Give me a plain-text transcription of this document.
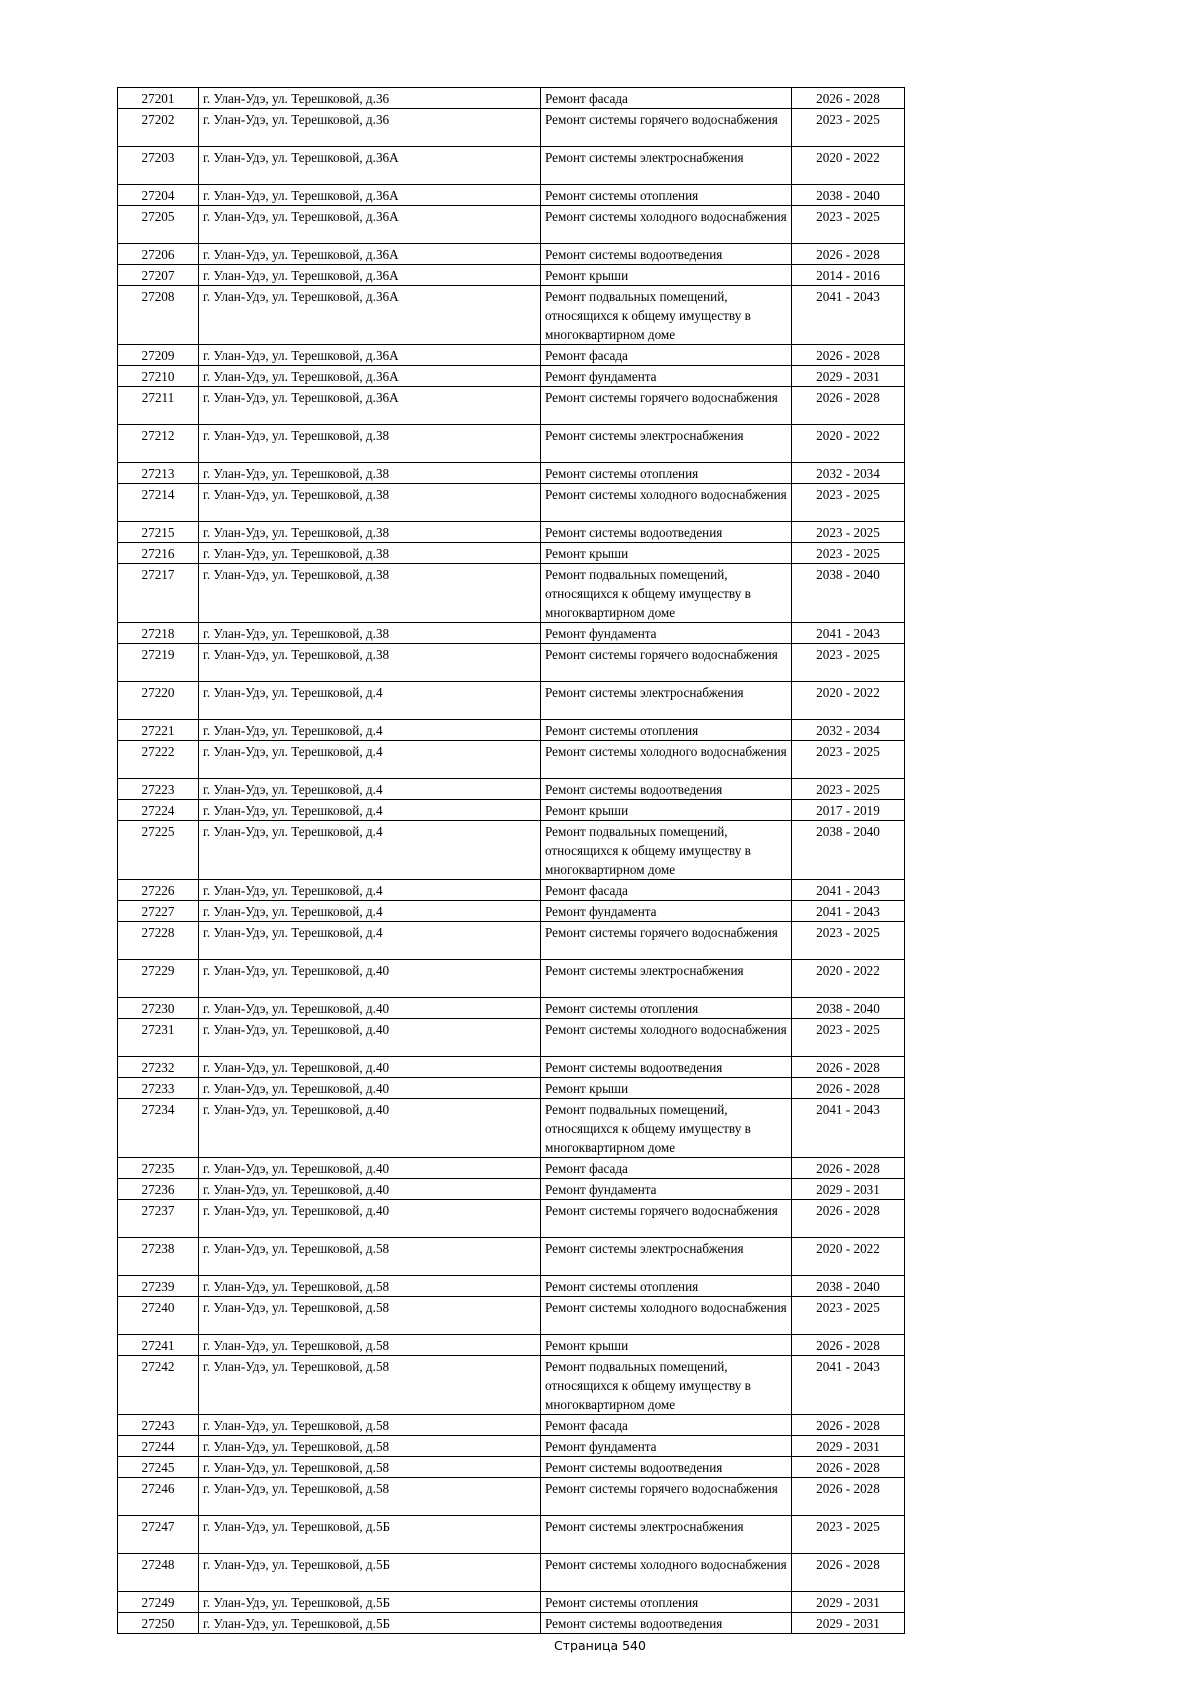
27201	г. Улан-Удэ, ул. Терешковой, д.36	Ремонт фасада	2026 - 2028
27202	г. Улан-Удэ, ул. Терешковой, д.36	Ремонт системы горячего водоснабжения	2023 - 2025
27203	г. Улан-Удэ, ул. Терешковой, д.36А	Ремонт системы электроснабжения	2020 - 2022
27204	г. Улан-Удэ, ул. Терешковой, д.36А	Ремонт системы отопления	2038 - 2040
27205	г. Улан-Удэ, ул. Терешковой, д.36А	Ремонт системы холодного водоснабжения	2023 - 2025
27206	г. Улан-Удэ, ул. Терешковой, д.36А	Ремонт системы водоотведения	2026 - 2028
27207	г. Улан-Удэ, ул. Терешковой, д.36А	Ремонт крыши	2014 - 2016
27208	г. Улан-Удэ, ул. Терешковой, д.36А	Ремонт подвальных помещений, относящихся к общему имуществу в многоквартирном доме	2041 - 2043
27209	г. Улан-Удэ, ул. Терешковой, д.36А	Ремонт фасада	2026 - 2028
27210	г. Улан-Удэ, ул. Терешковой, д.36А	Ремонт фундамента	2029 - 2031
27211	г. Улан-Удэ, ул. Терешковой, д.36А	Ремонт системы горячего водоснабжения	2026 - 2028
27212	г. Улан-Удэ, ул. Терешковой, д.38	Ремонт системы электроснабжения	2020 - 2022
27213	г. Улан-Удэ, ул. Терешковой, д.38	Ремонт системы отопления	2032 - 2034
27214	г. Улан-Удэ, ул. Терешковой, д.38	Ремонт системы холодного водоснабжения	2023 - 2025
27215	г. Улан-Удэ, ул. Терешковой, д.38	Ремонт системы водоотведения	2023 - 2025
27216	г. Улан-Удэ, ул. Терешковой, д.38	Ремонт крыши	2023 - 2025
27217	г. Улан-Удэ, ул. Терешковой, д.38	Ремонт подвальных помещений, относящихся к общему имуществу в многоквартирном доме	2038 - 2040
27218	г. Улан-Удэ, ул. Терешковой, д.38	Ремонт фундамента	2041 - 2043
27219	г. Улан-Удэ, ул. Терешковой, д.38	Ремонт системы горячего водоснабжения	2023 - 2025
27220	г. Улан-Удэ, ул. Терешковой, д.4	Ремонт системы электроснабжения	2020 - 2022
27221	г. Улан-Удэ, ул. Терешковой, д.4	Ремонт системы отопления	2032 - 2034
27222	г. Улан-Удэ, ул. Терешковой, д.4	Ремонт системы холодного водоснабжения	2023 - 2025
27223	г. Улан-Удэ, ул. Терешковой, д.4	Ремонт системы водоотведения	2023 - 2025
27224	г. Улан-Удэ, ул. Терешковой, д.4	Ремонт крыши	2017 - 2019
27225	г. Улан-Удэ, ул. Терешковой, д.4	Ремонт подвальных помещений, относящихся к общему имуществу в многоквартирном доме	2038 - 2040
27226	г. Улан-Удэ, ул. Терешковой, д.4	Ремонт фасада	2041 - 2043
27227	г. Улан-Удэ, ул. Терешковой, д.4	Ремонт фундамента	2041 - 2043
27228	г. Улан-Удэ, ул. Терешковой, д.4	Ремонт системы горячего водоснабжения	2023 - 2025
27229	г. Улан-Удэ, ул. Терешковой, д.40	Ремонт системы электроснабжения	2020 - 2022
27230	г. Улан-Удэ, ул. Терешковой, д.40	Ремонт системы отопления	2038 - 2040
27231	г. Улан-Удэ, ул. Терешковой, д.40	Ремонт системы холодного водоснабжения	2023 - 2025
27232	г. Улан-Удэ, ул. Терешковой, д.40	Ремонт системы водоотведения	2026 - 2028
27233	г. Улан-Удэ, ул. Терешковой, д.40	Ремонт крыши	2026 - 2028
27234	г. Улан-Удэ, ул. Терешковой, д.40	Ремонт подвальных помещений, относящихся к общему имуществу в многоквартирном доме	2041 - 2043
27235	г. Улан-Удэ, ул. Терешковой, д.40	Ремонт фасада	2026 - 2028
27236	г. Улан-Удэ, ул. Терешковой, д.40	Ремонт фундамента	2029 - 2031
27237	г. Улан-Удэ, ул. Терешковой, д.40	Ремонт системы горячего водоснабжения	2026 - 2028
27238	г. Улан-Удэ, ул. Терешковой, д.58	Ремонт системы электроснабжения	2020 - 2022
27239	г. Улан-Удэ, ул. Терешковой, д.58	Ремонт системы отопления	2038 - 2040
27240	г. Улан-Удэ, ул. Терешковой, д.58	Ремонт системы холодного водоснабжения	2023 - 2025
27241	г. Улан-Удэ, ул. Терешковой, д.58	Ремонт крыши	2026 - 2028
27242	г. Улан-Удэ, ул. Терешковой, д.58	Ремонт подвальных помещений, относящихся к общему имуществу в многоквартирном доме	2041 - 2043
27243	г. Улан-Удэ, ул. Терешковой, д.58	Ремонт фасада	2026 - 2028
27244	г. Улан-Удэ, ул. Терешковой, д.58	Ремонт фундамента	2029 - 2031
27245	г. Улан-Удэ, ул. Терешковой, д.58	Ремонт системы водоотведения	2026 - 2028
27246	г. Улан-Удэ, ул. Терешковой, д.58	Ремонт системы горячего водоснабжения	2026 - 2028
27247	г. Улан-Удэ, ул. Терешковой, д.5Б	Ремонт системы электроснабжения	2023 - 2025
27248	г. Улан-Удэ, ул. Терешковой, д.5Б	Ремонт системы холодного водоснабжения	2026 - 2028
27249	г. Улан-Удэ, ул. Терешковой, д.5Б	Ремонт системы отопления	2029 - 2031
27250	г. Улан-Удэ, ул. Терешковой, д.5Б	Ремонт системы водоотведения	2029 - 2031
Страница 540
